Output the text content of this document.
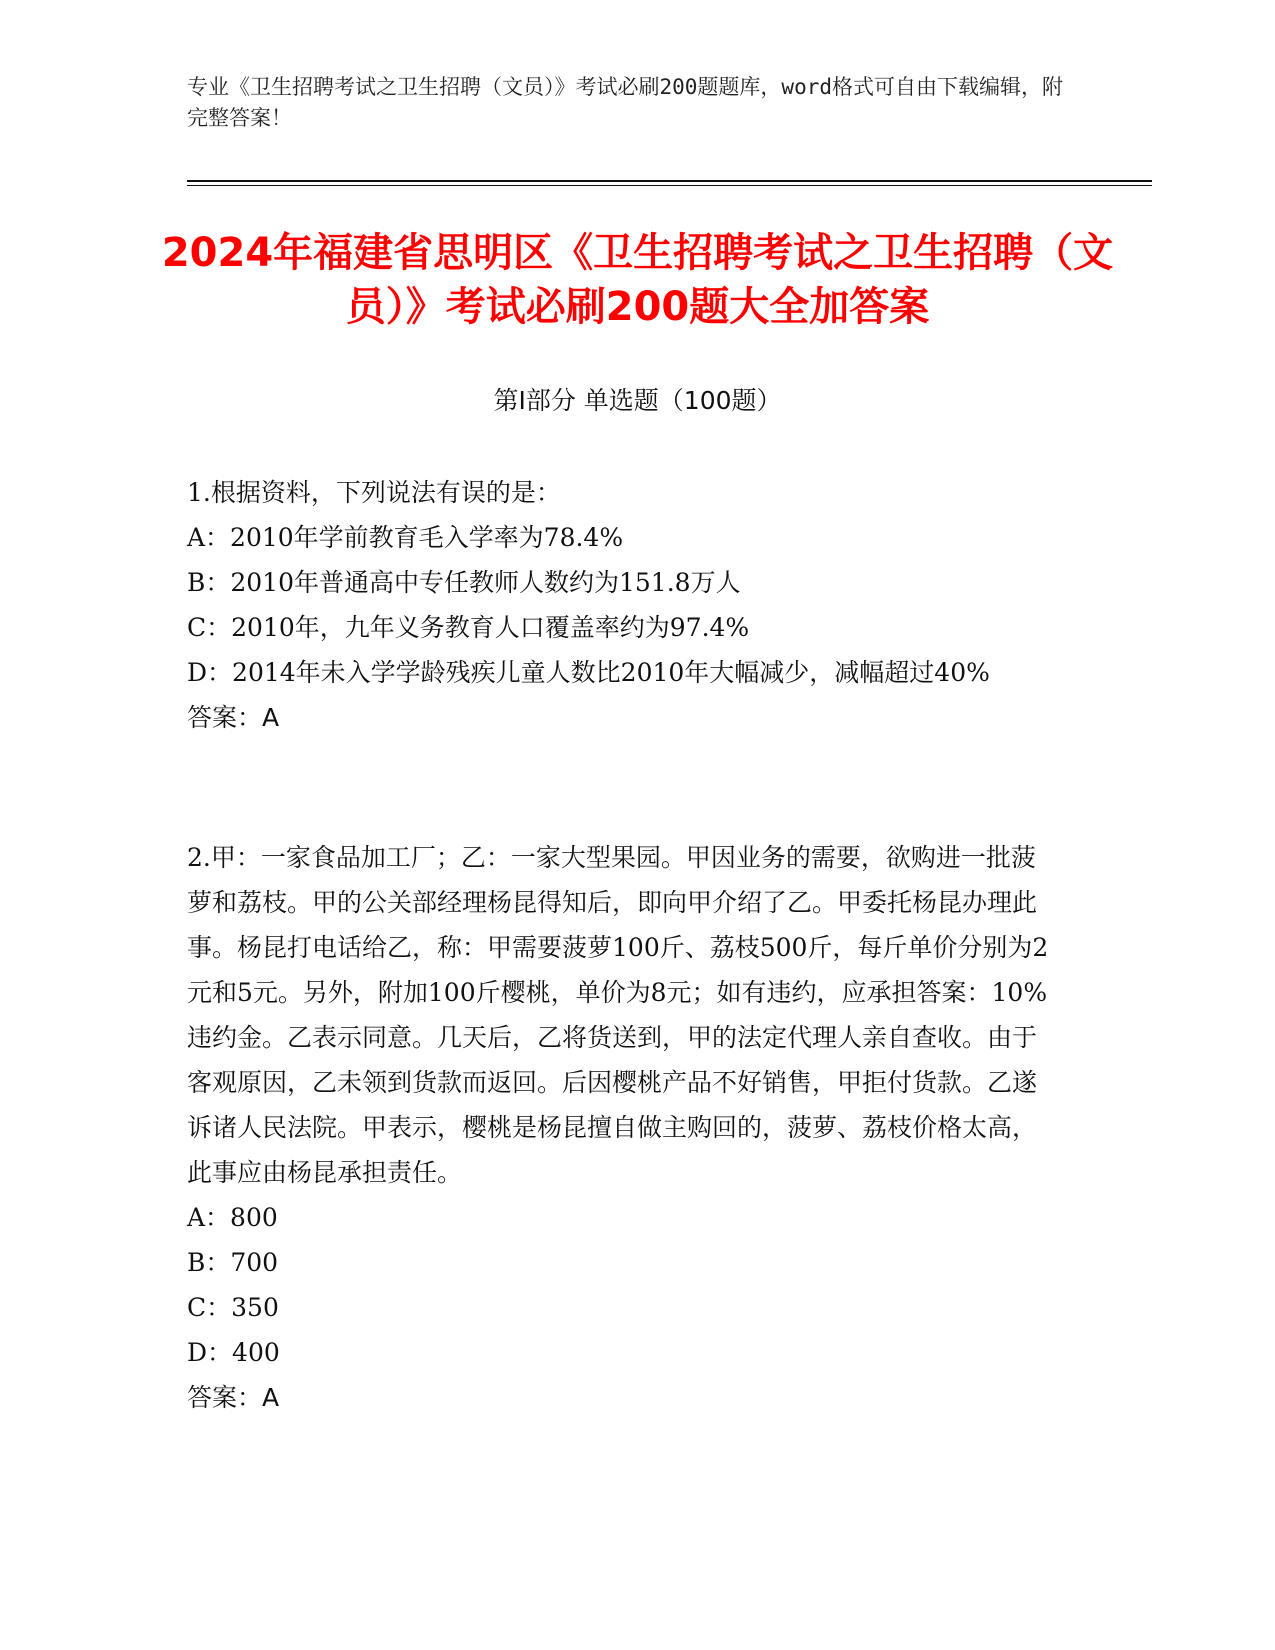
专业《卫生招聘考试之卫生招聘（文员）》考试必刷200题题库，word格式可自由下载编辑，附完整答案！
2024年福建省思明区《卫生招聘考试之卫生招聘（文员）》考试必刷200题大全加答案
第I部分 单选题（100题）

1.根据资料，下列说法有误的是：

A：2010年学前教育毛入学率为78.4%

B：2010年普通高中专任教师人数约为151.8万人

C：2010年，九年义务教育人口覆盖率约为97.4%

D：2014年未入学学龄残疾儿童人数比2010年大幅减少，减幅超过40%

答案：A

2.甲：一家食品加工厂；乙：一家大型果园。甲因业务的需要，欲购进一批菠萝和荔枝。甲的公关部经理杨昆得知后，即向甲介绍了乙。甲委托杨昆办理此事。杨昆打电话给乙，称：甲需要菠萝100斤、荔枝500斤，每斤单价分别为2元和5元。另外，附加100斤樱桃，单价为8元；如有违约，应承担答案：10%违约金。乙表示同意。几天后，乙将货送到，甲的法定代理人亲自查收。由于客观原因，乙未领到货款而返回。后因樱桃产品不好销售，甲拒付货款。乙遂诉诸人民法院。甲表示，樱桃是杨昆擅自做主购回的，菠萝、荔枝价格太高，此事应由杨昆承担责任。

A：800

B：700

C：350

D：400

答案：A
